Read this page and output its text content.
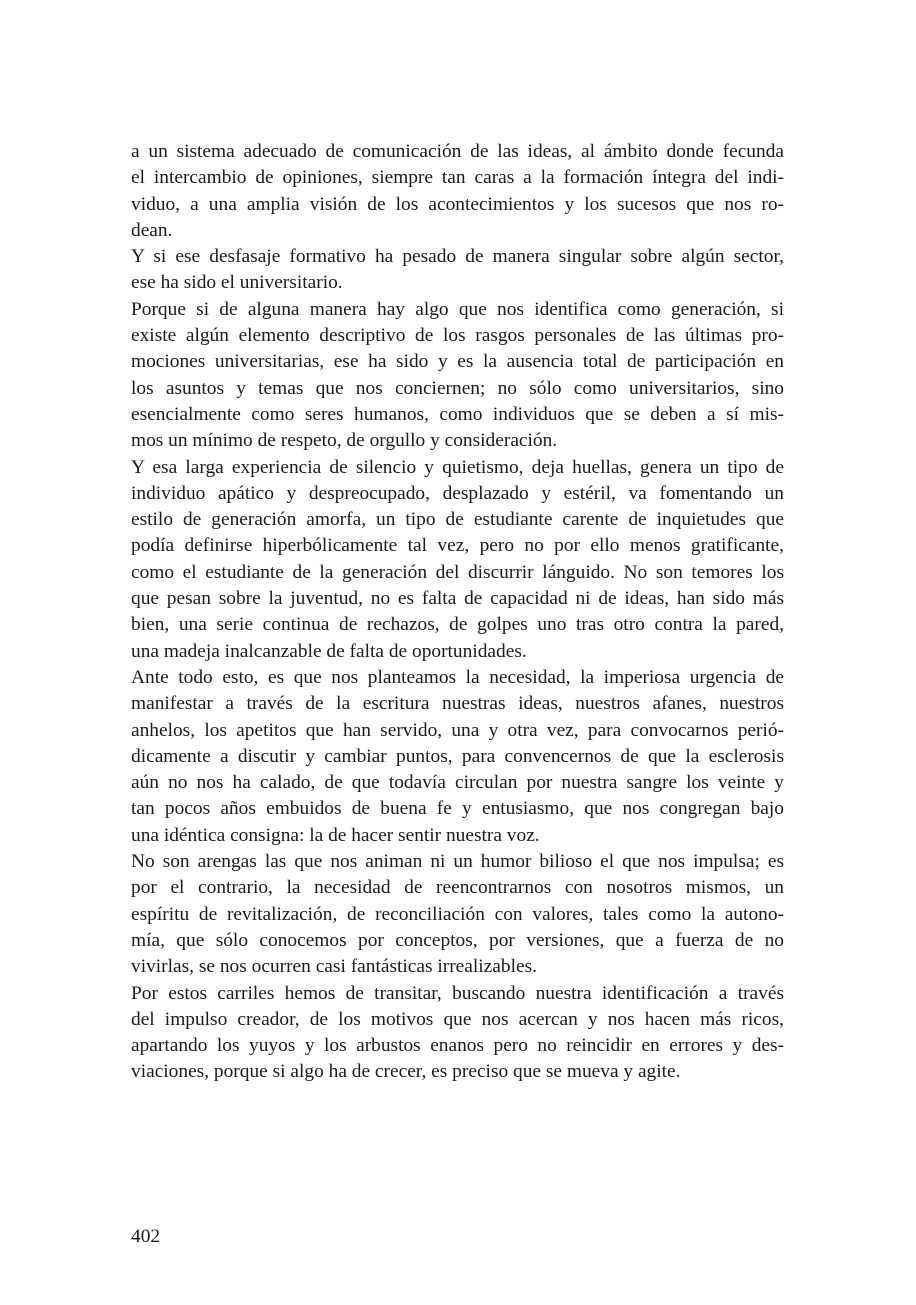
a un sistema adecuado de comunicación de las ideas, al ámbito donde fecunda
el intercambio de opiniones, siempre tan caras a la formación íntegra del indi-
viduo, a una amplia visión de los acontecimientos y los sucesos que nos ro-
dean.
Y si ese desfasaje formativo ha pesado de manera singular sobre algún sector,
ese ha sido el universitario.
Porque si de alguna manera hay algo que nos identifica como generación, si
existe algún elemento descriptivo de los rasgos personales de las últimas pro-
mociones universitarias, ese ha sido y es la ausencia total de participación en
los asuntos y temas que nos conciernen; no sólo como universitarios, sino
esencialmente como seres humanos, como individuos que se deben a sí mis-
mos un mínimo de respeto, de orgullo y consideración.
Y esa larga experiencia de silencio y quietismo, deja huellas, genera un tipo de
individuo apático y despreocupado, desplazado y estéril, va fomentando un
estilo de generación amorfa, un tipo de estudiante carente de inquietudes que
podía definirse hiperbólicamente tal vez, pero no por ello menos gratificante,
como el estudiante de la generación del discurrir lánguido. No son temores los
que pesan sobre la juventud, no es falta de capacidad ni de ideas, han sido más
bien, una serie continua de rechazos, de golpes uno tras otro contra la pared,
una madeja inalcanzable de falta de oportunidades.
Ante todo esto, es que nos planteamos la necesidad, la imperiosa urgencia de
manifestar a través de la escritura nuestras ideas, nuestros afanes, nuestros
anhelos, los apetitos que han servido, una y otra vez, para convocarnos perió-
dicamente a discutir y cambiar puntos, para convencernos de que la esclerosis
aún no nos ha calado, de que todavía circulan por nuestra sangre los veinte y
tan pocos años embuidos de buena fe y entusiasmo, que nos congregan bajo
una idéntica consigna: la de hacer sentir nuestra voz.
No son arengas las que nos animan ni un humor bilioso el que nos impulsa; es
por el contrario, la necesidad de reencontrarnos con nosotros mismos, un
espíritu de revitalización, de reconciliación con valores, tales como la autono-
mía, que sólo conocemos por conceptos, por versiones, que a fuerza de no
vivirlas, se nos ocurren casi fantásticas irrealizables.
Por estos carriles hemos de transitar, buscando nuestra identificación a través
del impulso creador, de los motivos que nos acercan y nos hacen más ricos,
apartando los yuyos y los arbustos enanos pero no reincidir en errores y des-
viaciones, porque si algo ha de crecer, es preciso que se mueva y agite.
402
